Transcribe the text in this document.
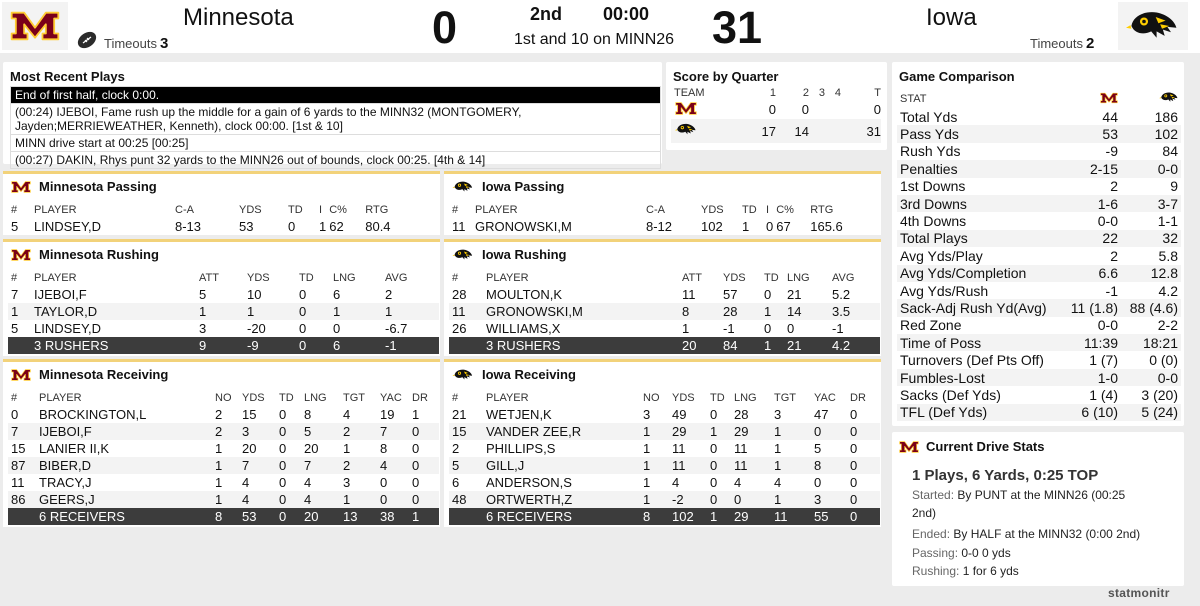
Minnesota
Timeouts 3	0	2nd 00:00
1st and 10 on MINN26 31	Iowa
Timeouts 2
Most Recent Plays
End of first half, clock 0:00.
(00:24) IJEBOI, Fame rush up the middle for a gain of 6 yards to the MINN32 (MONTGOMERY, Jayden;MERRIEWEATHER, Kenneth), clock 00:00. [1st & 10]
MINN drive start at 00:25 [00:25]
(00:27) DAKIN, Rhys punt 32 yards to the MINN26 out of bounds, clock 00:25. [4th & 14]
Score by Quarter
TEAM	1	2	3	4	T
	0	0			0
	17	14			31
Minnesota Passing
#	PLAYER	C-A	YDS	TD	I	C%	RTG
5	LINDSEY,D	8-13	53	0	1	62	80.4
Iowa Passing
#	PLAYER	C-A	YDS	TD	I	C%	RTG
11	GRONOWSKI,M	8-12	102	1	0	67	165.6
Minnesota Rushing
#	PLAYER	ATT	YDS	TD	LNG	AVG
7	IJEBOI,F	5	10	0	6	2
1	TAYLOR,D	1	1	0	1	1
5	LINDSEY,D	3	-20	0	0	-6.7
	3 RUSHERS	9	-9	0	6	-1
Iowa Rushing
#	PLAYER	ATT	YDS	TD	LNG	AVG
28	MOULTON,K	11	57	0	21	5.2
11	GRONOWSKI,M	8	28	1	14	3.5
26	WILLIAMS,X	1	-1	0	0	-1
	3 RUSHERS	20	84	1	21	4.2
Minnesota Receiving
#	PLAYER	NO	YDS	TD	LNG	TGT	YAC	DR
0	BROCKINGTON,L	2	15	0	8	4	19	1
7	IJEBOI,F	2	3	0	5	2	7	0
15	LANIER II,K	1	20	0	20	1	8	0
87	BIBER,D	1	7	0	7	2	4	0
11	TRACY,J	1	4	0	4	3	0	0
86	GEERS,J	1	4	0	4	1	0	0
	6 RECEIVERS	8	53	0	20	13	38	1
Iowa Receiving
#	PLAYER	NO	YDS	TD	LNG	TGT	YAC	DR
21	WETJEN,K	3	49	0	28	3	47	0
15	VANDER ZEE,R	1	29	1	29	1	0	0
2	PHILLIPS,S	1	11	0	11	1	5	0
5	GILL,J	1	11	0	11	1	8	0
6	ANDERSON,S	1	4	0	4	4	0	0
48	ORTWERTH,Z	1	-2	0	0	1	3	0
	6 RECEIVERS	8	102	1	29	11	55	0
Game Comparison
STAT		
Total Yds	44	186
Pass Yds	53	102
Rush Yds	-9	84
Penalties	2-15	0-0
1st Downs	2	9
3rd Downs	1-6	3-7
4th Downs	0-0	1-1
Total Plays	22	32
Avg Yds/Play	2	5.8
Avg Yds/Completion	6.6	12.8
Avg Yds/Rush	-1	4.2
Sack-Adj Rush Yd(Avg)	11 (1.8)	88 (4.6)
Red Zone	0-0	2-2
Time of Poss	11:39	18:21
Turnovers (Def Pts Off)	1 (7)	0 (0)
Fumbles-Lost	1-0	0-0
Sacks (Def Yds)	1 (4)	3 (20)
TFL (Def Yds)	6 (10)	5 (24)
Current Drive Stats
1 Plays, 6 Yards, 0:25 TOP
Started: By PUNT at the MINN26 (00:25
2nd)
Ended: By HALF at the MINN32 (0:00 2nd)
Passing: 0-0 0 yds
Rushing: 1 for 6 yds
statmonitr
